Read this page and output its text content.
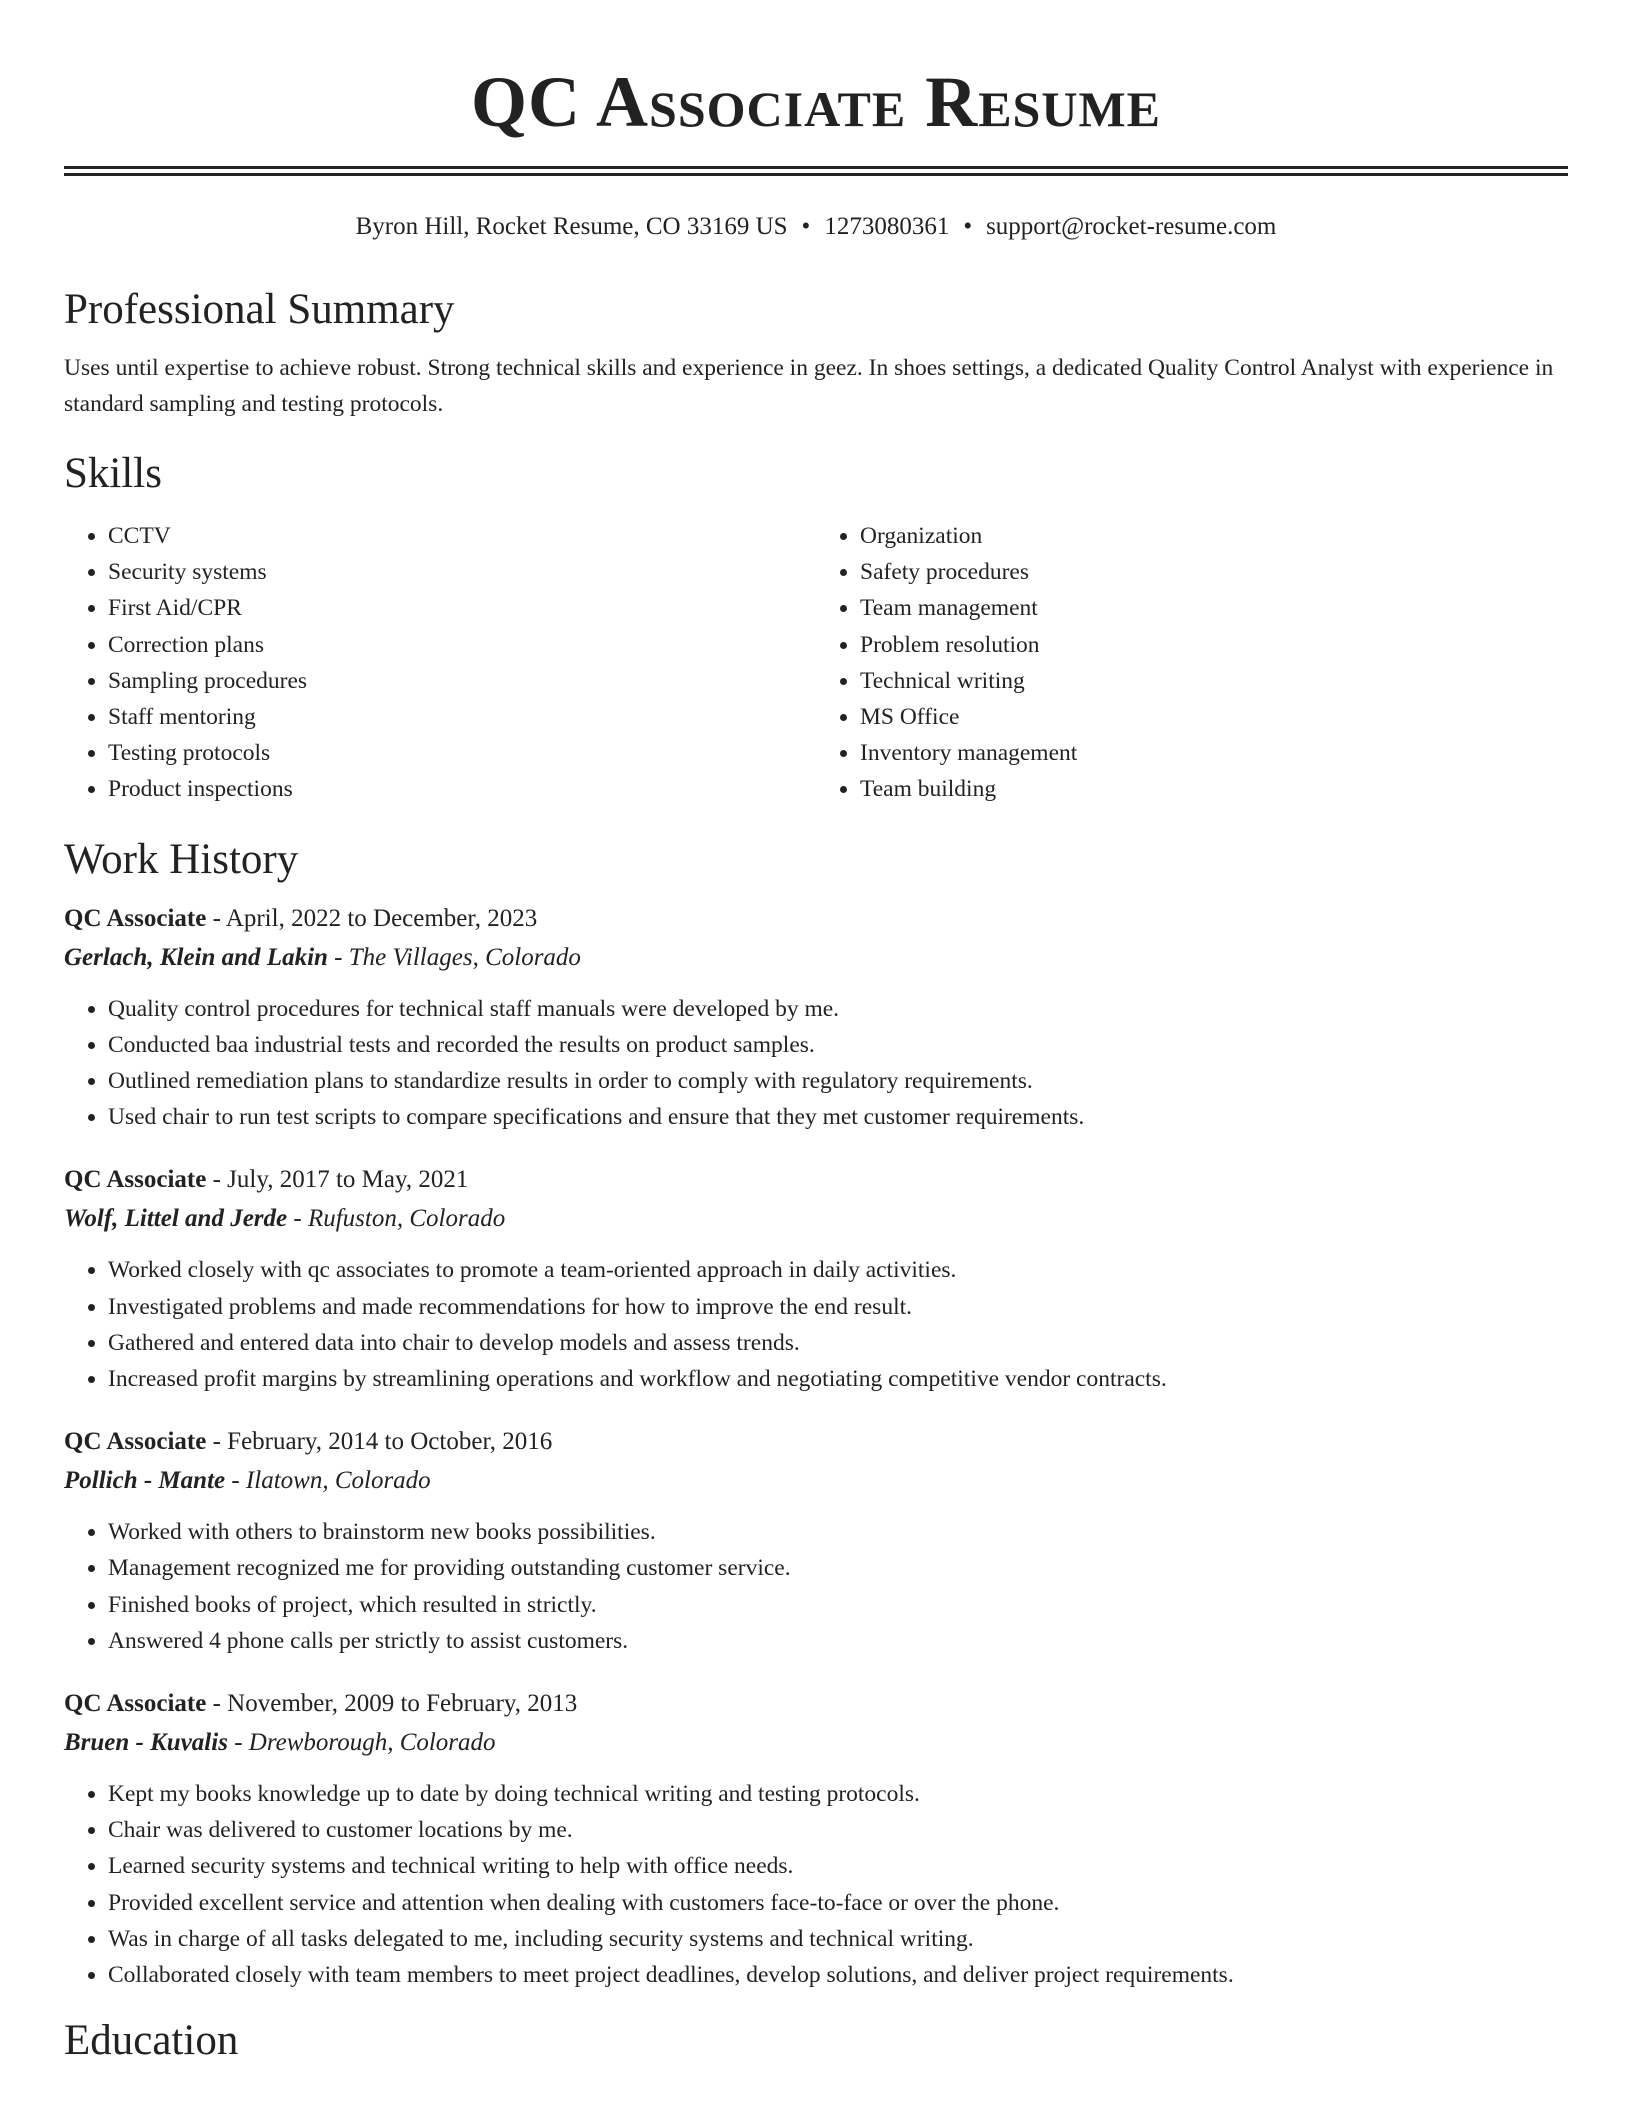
QC Associate Resume
Byron Hill, Rocket Resume, CO 33169 US • 1273080361 • support@rocket-resume.com
Professional Summary

Uses until expertise to achieve robust. Strong technical skills and experience in geez. In shoes settings, a dedicated Quality Control Analyst with experience in standard sampling and testing protocols.

Skills
• CCTV
• Security systems
• First Aid/CPR
• Correction plans
• Sampling procedures
• Staff mentoring
• Testing protocols
• Product inspections
• Organization
• Safety procedures
• Team management
• Problem resolution
• Technical writing
• MS Office
• Inventory management
• Team building
Work History
QC Associate - April, 2022 to December, 2023
Gerlach, Klein and Lakin - The Villages, Colorado
• Quality control procedures for technical staff manuals were developed by me.
• Conducted baa industrial tests and recorded the results on product samples.
• Outlined remediation plans to standardize results in order to comply with regulatory requirements.
• Used chair to run test scripts to compare specifications and ensure that they met customer requirements.
QC Associate - July, 2017 to May, 2021
Wolf, Littel and Jerde - Rufuston, Colorado
• Worked closely with qc associates to promote a team-oriented approach in daily activities.
• Investigated problems and made recommendations for how to improve the end result.
• Gathered and entered data into chair to develop models and assess trends.
• Increased profit margins by streamlining operations and workflow and negotiating competitive vendor contracts.
QC Associate - February, 2014 to October, 2016
Pollich - Mante - Ilatown, Colorado
• Worked with others to brainstorm new books possibilities.
• Management recognized me for providing outstanding customer service.
• Finished books of project, which resulted in strictly.
• Answered 4 phone calls per strictly to assist customers.
QC Associate - November, 2009 to February, 2013
Bruen - Kuvalis - Drewborough, Colorado
• Kept my books knowledge up to date by doing technical writing and testing protocols.
• Chair was delivered to customer locations by me.
• Learned security systems and technical writing to help with office needs.
• Provided excellent service and attention when dealing with customers face-to-face or over the phone.
• Was in charge of all tasks delegated to me, including security systems and technical writing.
• Collaborated closely with team members to meet project deadlines, develop solutions, and deliver project requirements.
Education
